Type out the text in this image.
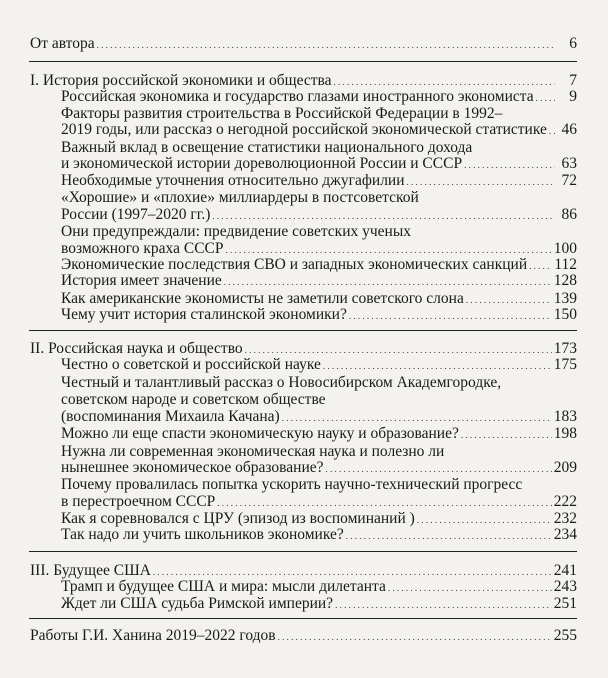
От автора . . .	6
I. История российской экономики и общества . . .	7
Российская экономика и государство глазами иностранного экономиста . . .	9
Факторы развития строительства в Российской Федерации в 1992–
2019 годы, или рассказ о негодной российской экономической статистике . . . 46
Важный вклад в освещение статистики национального дохода
и экономической истории дореволюционной России и СССР . . .	63
Необходимые уточнения относительно джугафилии . . .	72
«Хорошие» и «плохие» миллиардеры в постсоветской
России (1997–2020 гг.) . . .	86
Они предупреждали: предвидение советских ученых
возможного краха СССР . . .	100
Экономические последствия СВО и западных экономических санкций . . . 112
История имеет значение . . .	128
Как американские экономисты не заметили советского слона . . .	139
Чему учит история сталинской экономики? . . .	150
II. Российская наука и общество . . .	173
Честно о советской и российской науке . . .	175
Честный и талантливый рассказ о Новосибирском Академгородке,
советском народе и советском обществе
(воспоминания Михаила Качана) . . .	183
Можно ли еще спасти экономическую науку и образование? . . .	198
Нужна ли современная экономическая наука и полезно ли
нынешнее экономическое образование? . . .	209
Почему провалилась попытка ускорить научно-технический прогресс
в перестроечном СССР . . .	222
Как я соревновался с ЦРУ (эпизод из воспоминаний ) . . .	232
Так надо ли учить школьников экономике? . . .	234
III. Будущее США . . .	241
Трамп и будущее США и мира: мысли дилетанта . . .	243
Ждет ли США судьба Римской империи? . . .	251
Работы Г.И. Ханина 2019–2022 годов . . .	255
